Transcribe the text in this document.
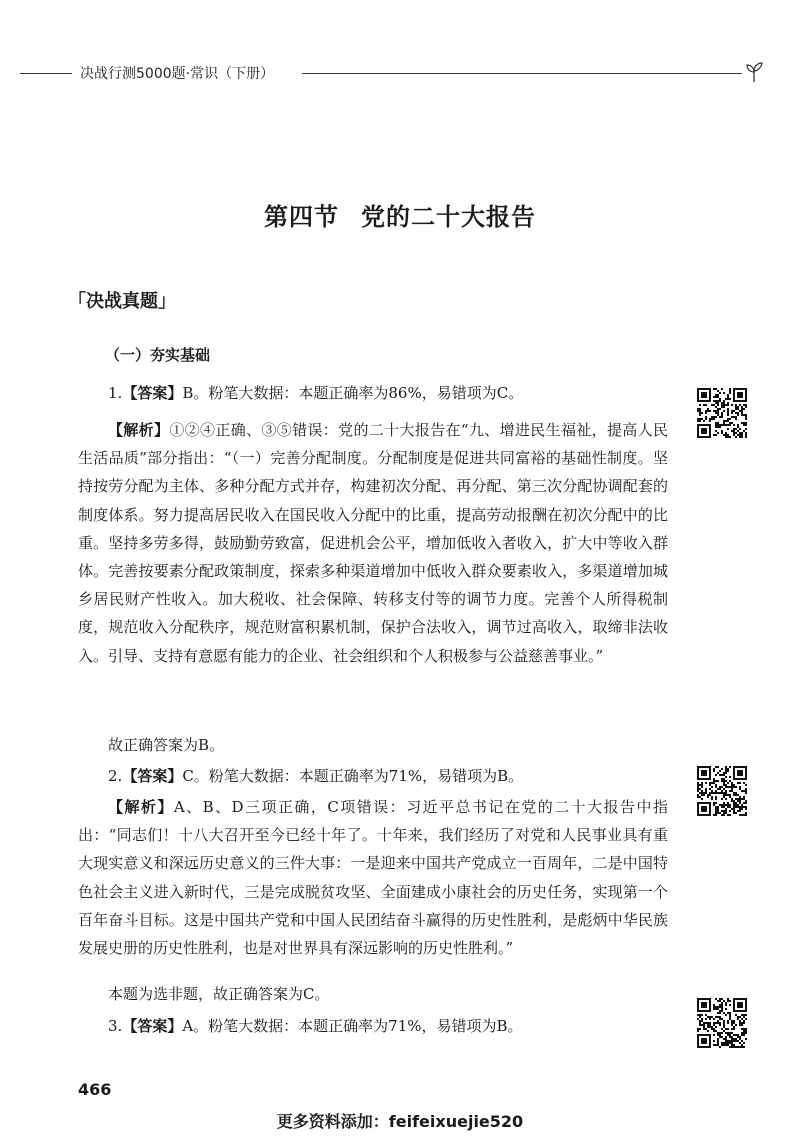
决战行测5000题·常识（下册）
第四节 党的二十大报告
「决战真题」
（一）夯实基础
1.【答案】B。粉笔大数据：本题正确率为86%，易错项为C。
【解析】①②④正确、③⑤错误：党的二十大报告在“九、增进民生福祉，提高人民生活品质”部分指出：“（一）完善分配制度。分配制度是促进共同富裕的基础性制度。坚持按劳分配为主体、多种分配方式并存，构建初次分配、再分配、第三次分配协调配套的制度体系。努力提高居民收入在国民收入分配中的比重，提高劳动报酬在初次分配中的比重。坚持多劳多得，鼓励勤劳致富，促进机会公平，增加低收入者收入，扩大中等收入群体。完善按要素分配政策制度，探索多种渠道增加中低收入群众要素收入，多渠道增加城乡居民财产性收入。加大税收、社会保障、转移支付等的调节力度。完善个人所得税制度，规范收入分配秩序，规范财富积累机制，保护合法收入，调节过高收入，取缔非法收入。引导、支持有意愿有能力的企业、社会组织和个人积极参与公益慈善事业。”
故正确答案为B。
2.【答案】C。粉笔大数据：本题正确率为71%，易错项为B。
【解析】A、B、D三项正确，C项错误：习近平总书记在党的二十大报告中指出：“同志们！十八大召开至今已经十年了。十年来，我们经历了对党和人民事业具有重大现实意义和深远历史意义的三件大事：一是迎来中国共产党成立一百周年，二是中国特色社会主义进入新时代，三是完成脱贫攻坚、全面建成小康社会的历史任务，实现第一个百年奋斗目标。这是中国共产党和中国人民团结奋斗赢得的历史性胜利，是彪炳中华民族发展史册的历史性胜利，也是对世界具有深远影响的历史性胜利。”
本题为选非题，故正确答案为C。
3.【答案】A。粉笔大数据：本题正确率为71%，易错项为B。
466
更多资料添加：feifeixuejie520
